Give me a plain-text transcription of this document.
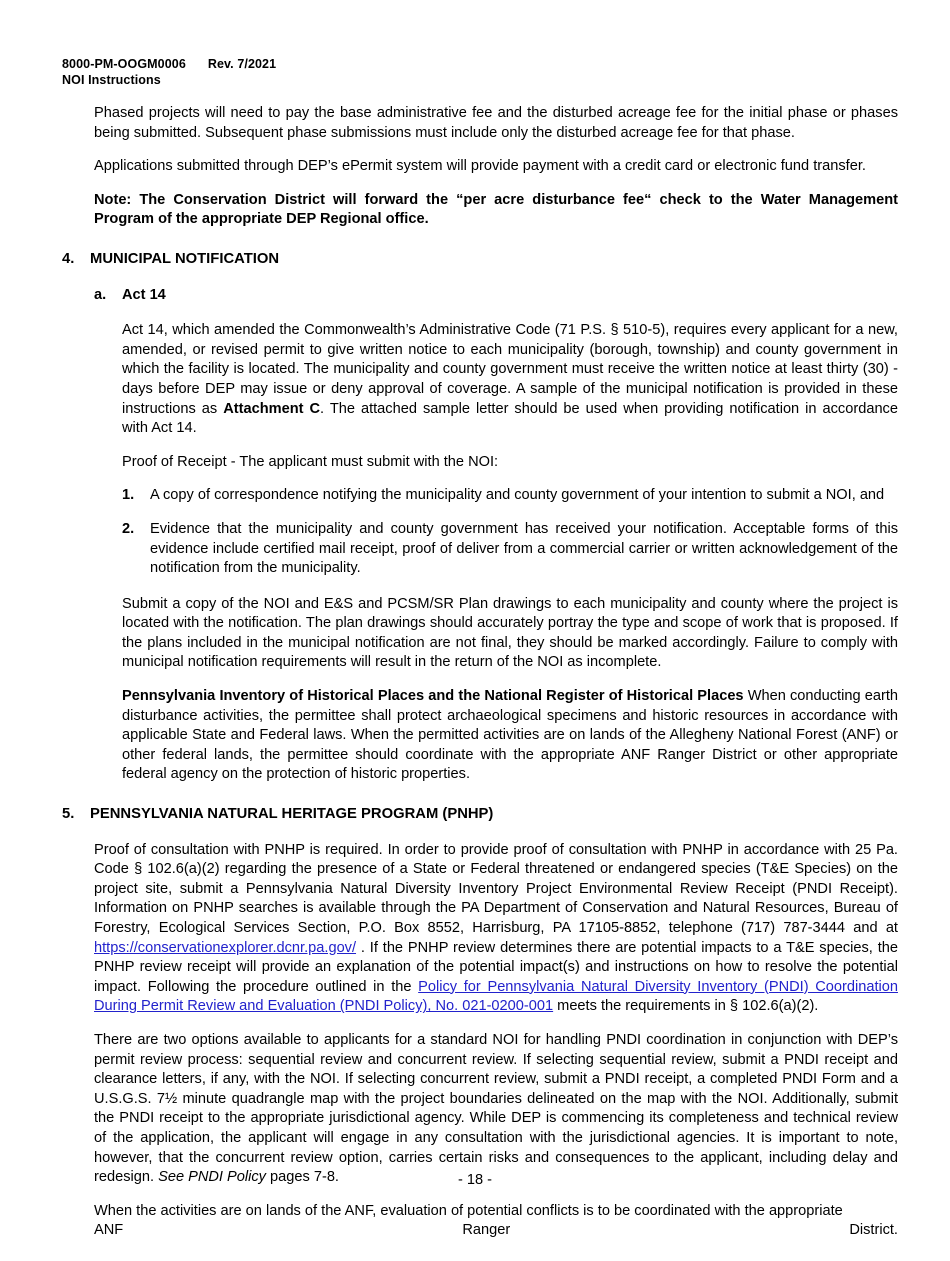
8000-PM-OOGM0006 Rev. 7/2021
NOI Instructions

Phased projects will need to pay the base administrative fee and the disturbed acreage fee for the initial phase or phases being submitted. Subsequent phase submissions must include only the disturbed acreage fee for that phase.

Applications submitted through DEP’s ePermit system will provide payment with a credit card or electronic fund transfer.

Note: The Conservation District will forward the “per acre disturbance fee“ check to the Water Management Program of the appropriate DEP Regional office.

4.	MUNICIPAL NOTIFICATION
a.	Act 14

Act 14, which amended the Commonwealth’s Administrative Code (71 P.S. § 510-5), requires every applicant for a new, amended, or revised permit to give written notice to each municipality (borough, township) and county government in which the facility is located. The municipality and county government must receive the written notice at least thirty (30) - days before DEP may issue or deny approval of coverage. A sample of the municipal notification is provided in these instructions as Attachment C. The attached sample letter should be used when providing notification in accordance with Act 14.

Proof of Receipt - The applicant must submit with the NOI:

1.	A copy of correspondence notifying the municipality and county government of your intention to submit a NOI, and
2.	Evidence that the municipality and county government has received your notification. Acceptable forms of this evidence include certified mail receipt, proof of deliver from a commercial carrier or written acknowledgement of the notification from the municipality.

Submit a copy of the NOI and E&S and PCSM/SR Plan drawings to each municipality and county where the project is located with the notification. The plan drawings should accurately portray the type and scope of work that is proposed. If the plans included in the municipal notification are not final, they should be marked accordingly. Failure to comply with municipal notification requirements will result in the return of the NOI as incomplete.

Pennsylvania Inventory of Historical Places and the National Register of Historical Places When conducting earth disturbance activities, the permittee shall protect archaeological specimens and historic resources in accordance with applicable State and Federal laws. When the permitted activities are on lands of the Allegheny National Forest (ANF) or other federal lands, the permittee should coordinate with the appropriate ANF Ranger District or other appropriate federal agency on the protection of historic properties.

5.	PENNSYLVANIA NATURAL HERITAGE PROGRAM (PNHP)

Proof of consultation with PNHP is required. In order to provide proof of consultation with PNHP in accordance with 25 Pa. Code § 102.6(a)(2) regarding the presence of a State or Federal threatened or endangered species (T&E Species) on the project site, submit a Pennsylvania Natural Diversity Inventory Project Environmental Review Receipt (PNDI Receipt). Information on PNHP searches is available through the PA Department of Conservation and Natural Resources, Bureau of Forestry, Ecological Services Section, P.O. Box 8552, Harrisburg, PA 17105-8852, telephone (717) 787-3444 and at https://conservationexplorer.dcnr.pa.gov/ . If the PNHP review determines there are potential impacts to a T&E species, the PNHP review receipt will provide an explanation of the potential impact(s) and instructions on how to resolve the potential impact. Following the procedure outlined in the Policy for Pennsylvania Natural Diversity Inventory (PNDI) Coordination During Permit Review and Evaluation (PNDI Policy), No. 021-0200-001 meets the requirements in § 102.6(a)(2).

There are two options available to applicants for a standard NOI for handling PNDI coordination in conjunction with DEP’s permit review process: sequential review and concurrent review. If selecting sequential review, submit a PNDI receipt and clearance letters, if any, with the NOI. If selecting concurrent review, submit a PNDI receipt, a completed PNDI Form and a U.S.G.S. 7½ minute quadrangle map with the project boundaries delineated on the map with the NOI. Additionally, submit the PNDI receipt to the appropriate jurisdictional agency. While DEP is commencing its completeness and technical review of the application, the applicant will engage in any consultation with the jurisdictional agencies. It is important to note, however, that the concurrent review option, carries certain risks and consequences to the applicant, including delay and redesign. See PNDI Policy pages 7-8.

When the activities are on lands of the ANF, evaluation of potential conflicts is to be coordinated with the appropriate

ANF Ranger District.

- 18 -
